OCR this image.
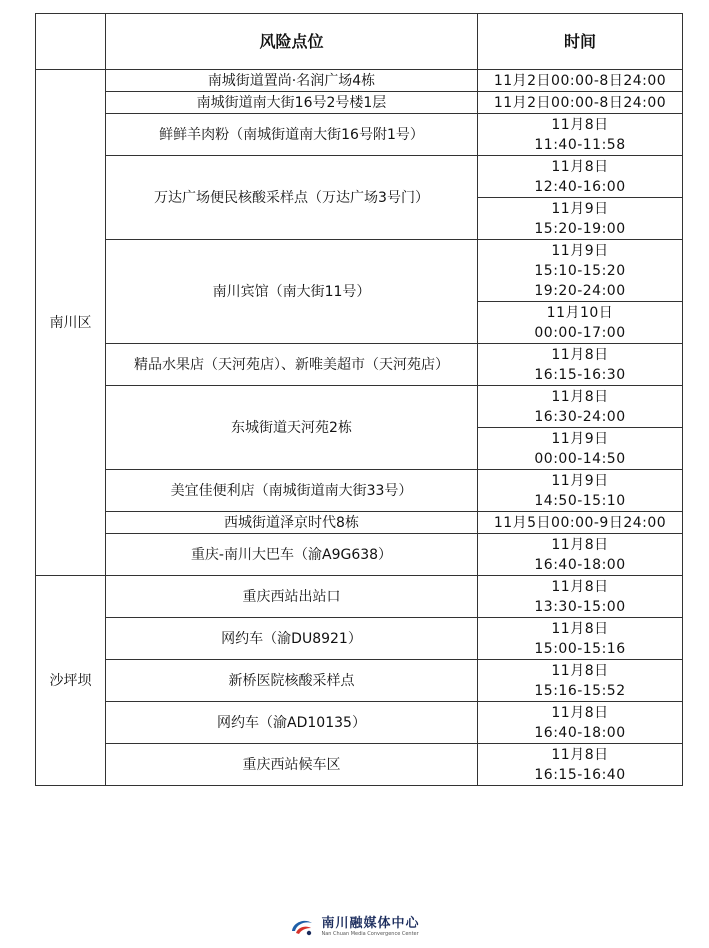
	风险点位	时间
南川区	南城街道置尚·名润广场4栋	11月2日00:00-8日24:00

	南城街道南大街16号2号楼1层	11月2日00:00-8日24:00

	鲜鲜羊肉粉（南城街道南大街16号附1号）	11月8日
11:40-11:58

	万达广场便民核酸采样点（万达广场3号门）	11月8日
12:40-16:00

		11月9日
15:20-19:00

	南川宾馆（南大街11号）	11月9日
15:10-15:20
19:20-24:00

		11月10日
00:00-17:00

	精品水果店（天河苑店）、新唯美超市（天河苑店）	11月8日
16:15-16:30

	东城街道天河苑2栋	11月8日
16:30-24:00

		11月9日
00:00-14:50

	美宜佳便利店（南城街道南大街33号）	11月9日
14:50-15:10

	西城街道泽京时代8栋	11月5日00:00-9日24:00

	重庆-南川大巴车（渝A9G638）	11月8日
16:40-18:00

沙坪坝	重庆西站出站口	11月8日
13:30-15:00

	网约车（渝DU8921）	11月8日
15:00-15:16

	新桥医院核酸采样点	11月8日
15:16-15:52

	网约车（渝AD10135）	11月8日
16:40-18:00

	重庆西站候车区	11月8日
16:15-16:40
南川融媒体中心
Nan Chuan Media Convergence Center
